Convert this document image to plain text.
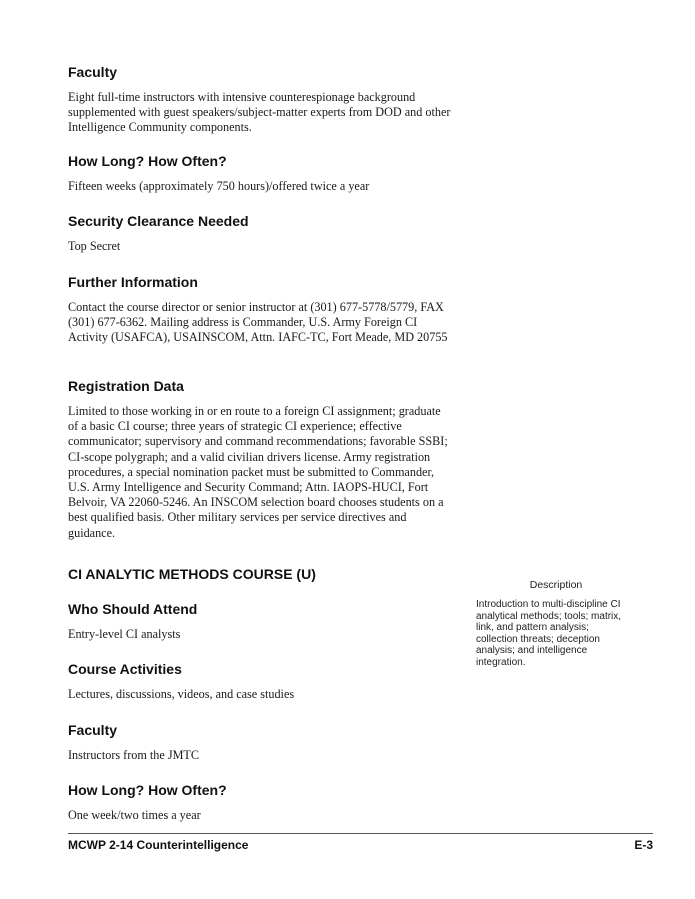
Faculty

Eight full-time instructors with intensive counterespionage background supplemented with guest speakers/subject-matter experts from DOD and other Intelligence Community components.

How Long? How Often?

Fifteen weeks (approximately 750 hours)/offered twice a year

Security Clearance Needed

Top Secret

Further Information

Contact the course director or senior instructor at (301) 677-5778/5779, FAX (301) 677-6362. Mailing address is Commander, U.S. Army Foreign CI Activity (USAFCA), USAINSCOM, Attn. IAFC-TC, Fort Meade, MD 20755

Registration Data

Limited to those working in or en route to a foreign CI assignment; graduate of a basic CI course; three years of strategic CI experience; effective communicator; supervisory and command recommendations; favorable SSBI; CI-scope polygraph; and a valid civilian drivers license. Army registration procedures, a special nomination packet must be submitted to Commander, U.S. Army Intelligence and Security Command; Attn. IAOPS-HUCI, Fort Belvoir, VA 22060-5246. An INSCOM selection board chooses students on a best qualified basis. Other military services per service directives and guidance.

CI ANALYTIC METHODS COURSE (U)
Who Should Attend

Entry-level CI analysts

Course Activities

Lectures, discussions, videos, and case studies

Faculty

Instructors from the JMTC

How Long? How Often?

One week/two times a year

Description
Introduction to multi-discipline CI analytical methods; tools; matrix, link, and pattern analysis; collection threats; deception analysis; and intelligence integration.
MCWP 2-14 Counterintelligence	E-3
